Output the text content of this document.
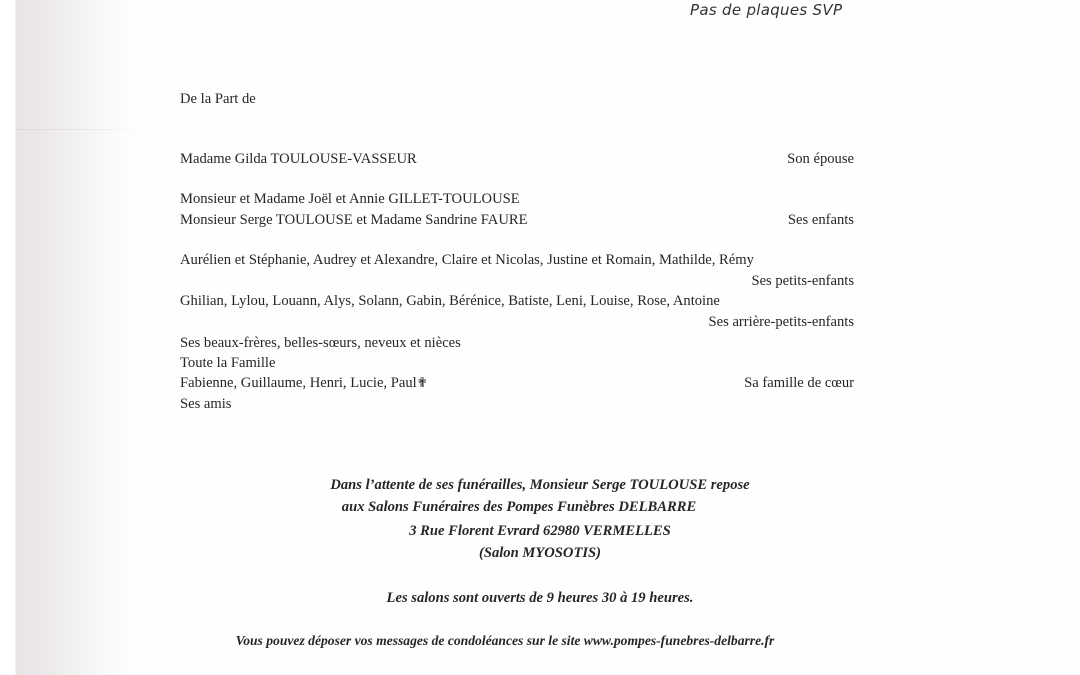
Pas de plaques SVP
De la Part de
Madame Gilda TOULOUSE-VASSEUR	Son épouse
Monsieur et Madame Joël et Annie GILLET-TOULOUSE
Monsieur Serge TOULOUSE et Madame Sandrine FAURE	Ses enfants
Aurélien et Stéphanie, Audrey et Alexandre, Claire et Nicolas, Justine et Romain, Mathilde, Rémy
Ses petits-enfants
Ghilian, Lylou, Louann, Alys, Solann, Gabin, Bérénice, Batiste, Leni, Louise, Rose, Antoine
Ses arrière-petits-enfants
Ses beaux-frères, belles-sœurs, neveux et nièces
Toute la Famille
Fabienne, Guillaume, Henri, Lucie, Paul✟	Sa famille de cœur
Ses amis
Dans l’attente de ses funérailles, Monsieur Serge TOULOUSE repose
aux Salons Funéraires des Pompes Funèbres DELBARRE
3 Rue Florent Evrard 62980 VERMELLES
(Salon MYOSOTIS)
Les salons sont ouverts de 9 heures 30 à 19 heures.
Vous pouvez déposer vos messages de condoléances sur le site www.pompes-funebres-delbarre.fr
